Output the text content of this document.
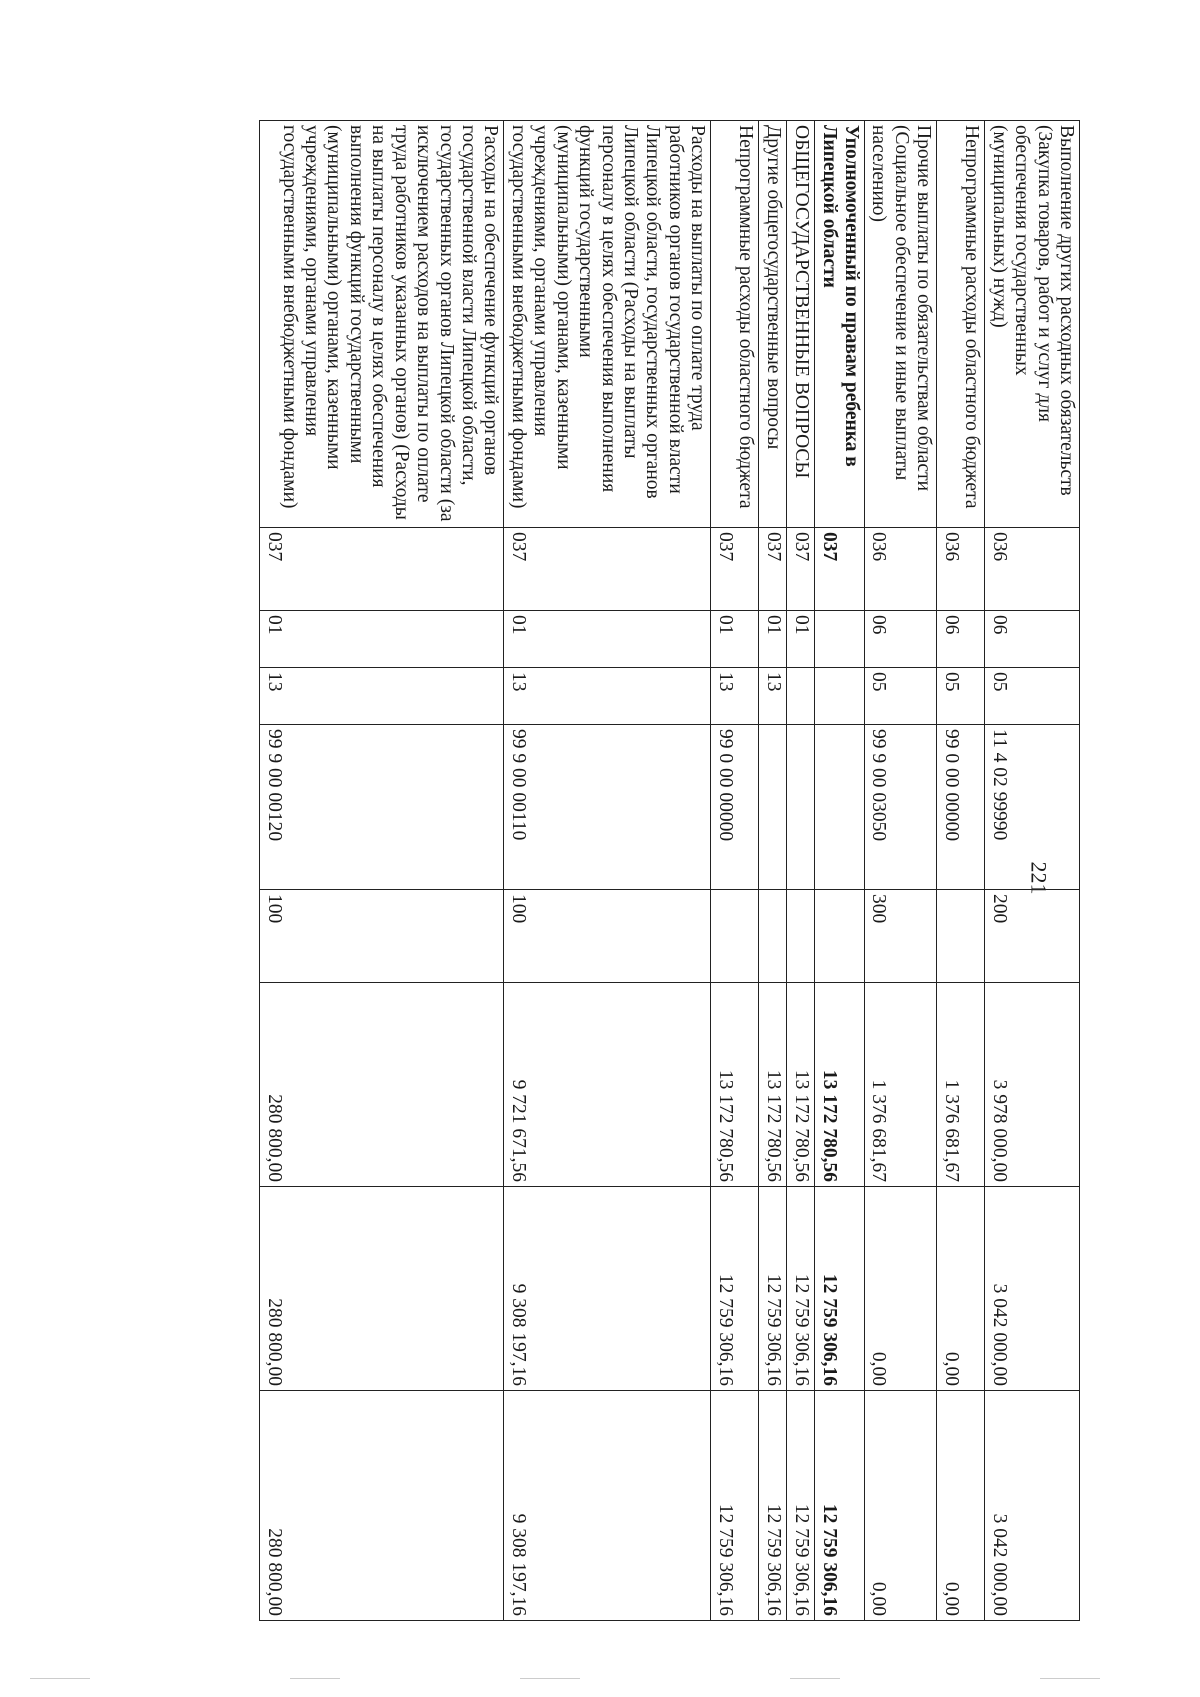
221
Выполнение других расходных обязательств (Закупка товаров, работ и услуг для обеспечения государственных (муниципальных) нужд)	036	06	05	11 4 02 99990	200	3 978 000,00	3 042 000,00	3 042 000,00
Непрограммные расходы областного бюджета	036	06	05	99 0 00 00000		1 376 681,67	0,00	0,00
Прочие выплаты по обязательствам области (Социальное обеспечение и иные выплаты населению)	036	06	05	99 9 00 03050	300	1 376 681,67	0,00	0,00
Уполномоченный по правам ребенка в Липецкой области	037					13 172 780,56	12 759 306,16	12 759 306,16
ОБЩЕГОСУДАРСТВЕННЫЕ ВОПРОСЫ	037	01				13 172 780,56	12 759 306,16	12 759 306,16
Другие общегосударственные вопросы	037	01	13			13 172 780,56	12 759 306,16	12 759 306,16
Непрограммные расходы областного бюджета	037	01	13	99 0 00 00000		13 172 780,56	12 759 306,16	12 759 306,16
Расходы на выплаты по оплате труда работников органов государственной власти Липецкой области, государственных органов Липецкой области (Расходы на выплаты персоналу в целях обеспечения выполнения функций государственными (муниципальными) органами, казенными учреждениями, органами управления государственными внебюджетными фондами)	037	01	13	99 9 00 00110	100	9 721 671,56	9 308 197,16	9 308 197,16
Расходы на обеспечение функций органов государственной власти Липецкой области, государственных органов Липецкой области (за исключением расходов на выплаты по оплате труда работников указанных органов) (Расходы на выплаты персоналу в целях обеспечения выполнения функций государственными (муниципальными) органами, казенными учреждениями, органами управления государственными внебюджетными фондами)	037	01	13	99 9 00 00120	100	280 800,00	280 800,00	280 800,00
